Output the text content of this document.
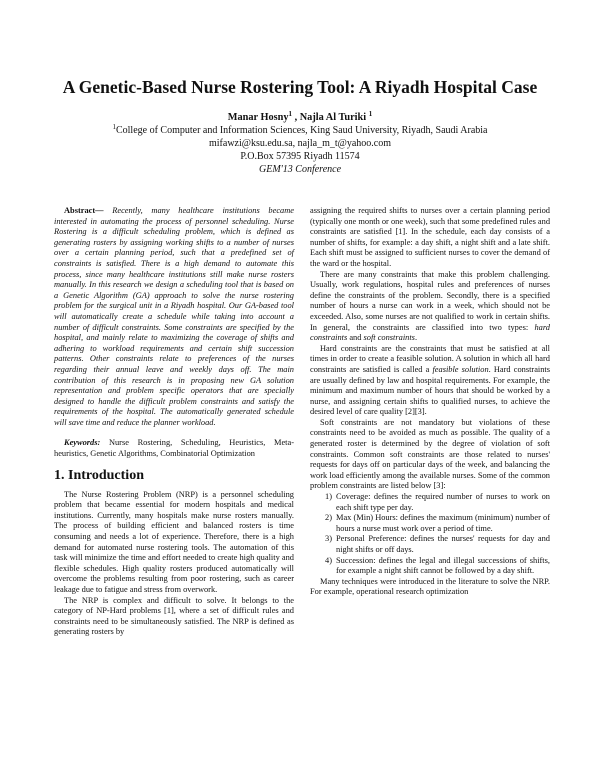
A Genetic-Based Nurse Rostering Tool: A Riyadh Hospital Case
Manar Hosny$^1$ , Najla Al Turiki $^1$
$^1$College of Computer and Information Sciences, King Saud University, Riyadh, Saudi Arabia
mifawzi@ksu.edu.sa, najla_m_t@yahoo.com
P.O.Box 57395 Riyadh 11574
GEM'13 Conference

Abstract— Recently, many healthcare institutions became interested in automating the process of personnel scheduling. Nurse Rostering is a difficult scheduling problem, which is defined as generating rosters by assigning working shifts to a number of nurses over a certain planning period, such that a predefined set of constraints is satisfied. There is a high demand to automate this process, since many healthcare institutions still make nurse rosters manually. In this research we design a scheduling tool that is based on a Genetic Algorithm (GA) approach to solve the nurse rostering problem for the surgical unit in a Riyadh hospital. Our GA-based tool will automatically create a schedule while taking into account a number of difficult constraints. Some constraints are specified by the hospital, and mainly relate to maximizing the coverage of shifts and adhering to workload requirements and certain shift succession patterns. Other constraints relate to preferences of the nurses regarding their annual leave and weekly days off. The main contribution of this research is in proposing new GA solution representation and problem specific operators that are specially designed to handle the difficult problem constraints and satisfy the requirements of the hospital. The automatically generated schedule will save time and reduce the planner workload.

Keywords: Nurse Rostering, Scheduling, Heuristics, Meta-heuristics, Genetic Algorithms, Combinatorial Optimization

1. Introduction

The Nurse Rostering Problem (NRP) is a personnel scheduling problem that became essential for modern hospitals and medical institutions. Currently, many hospitals make nurse rosters manually. The process of building efficient and balanced rosters is time consuming and needs a lot of experience. Therefore, there is a high demand for automated nurse rostering tools. The automation of this task will minimize the time and effort needed to create high quality and flexible schedules. High quality rosters produced automatically will overcome the problems resulting from poor rostering, such as career leakage due to fatigue and stress from overwork.

The NRP is complex and difficult to solve. It belongs to the category of NP-Hard problems [1], where a set of difficult rules and constraints need to be simultaneously satisfied. The NRP is defined as generating rosters by

assigning the required shifts to nurses over a certain planning period (typically one month or one week), such that some predefined rules and constraints are satisfied [1]. In the schedule, each day consists of a number of shifts, for example: a day shift, a night shift and a late shift. Each shift must be assigned to sufficient nurses to cover the demand of the ward or the hospital.

There are many constraints that make this problem challenging. Usually, work regulations, hospital rules and preferences of nurses define the constraints of the problem. Secondly, there is a specified number of hours a nurse can work in a week, which should not be exceeded. Also, some nurses are not qualified to work in certain shifts. In general, the constraints are classified into two types: hard constraints and soft constraints.

Hard constraints are the constraints that must be satisfied at all times in order to create a feasible solution. A solution in which all hard constraints are satisfied is called a feasible solution. Hard constraints are usually defined by law and hospital requirements. For example, the minimum and maximum number of hours that should be worked by a nurse, and assigning certain shifts to qualified nurses, to achieve the desired level of care quality [2][3].

Soft constraints are not mandatory but violations of these constraints need to be avoided as much as possible. The quality of a generated roster is determined by the degree of violation of soft constraints. Common soft constraints are those related to nurses' requests for days off on particular days of the week, and balancing the work load efficiently among the available nurses. Some of the common problem constraints are listed below [3]:

1) Coverage: defines the required number of nurses to work on each shift type per day.
2) Max (Min) Hours: defines the maximum (minimum) number of hours a nurse must work over a period of time.
3) Personal Preference: defines the nurses' requests for day and night shifts or off days.
4) Succession: defines the legal and illegal successions of shifts, for example a night shift cannot be followed by a day shift.

Many techniques were introduced in the literature to solve the NRP. For example, operational research optimization
